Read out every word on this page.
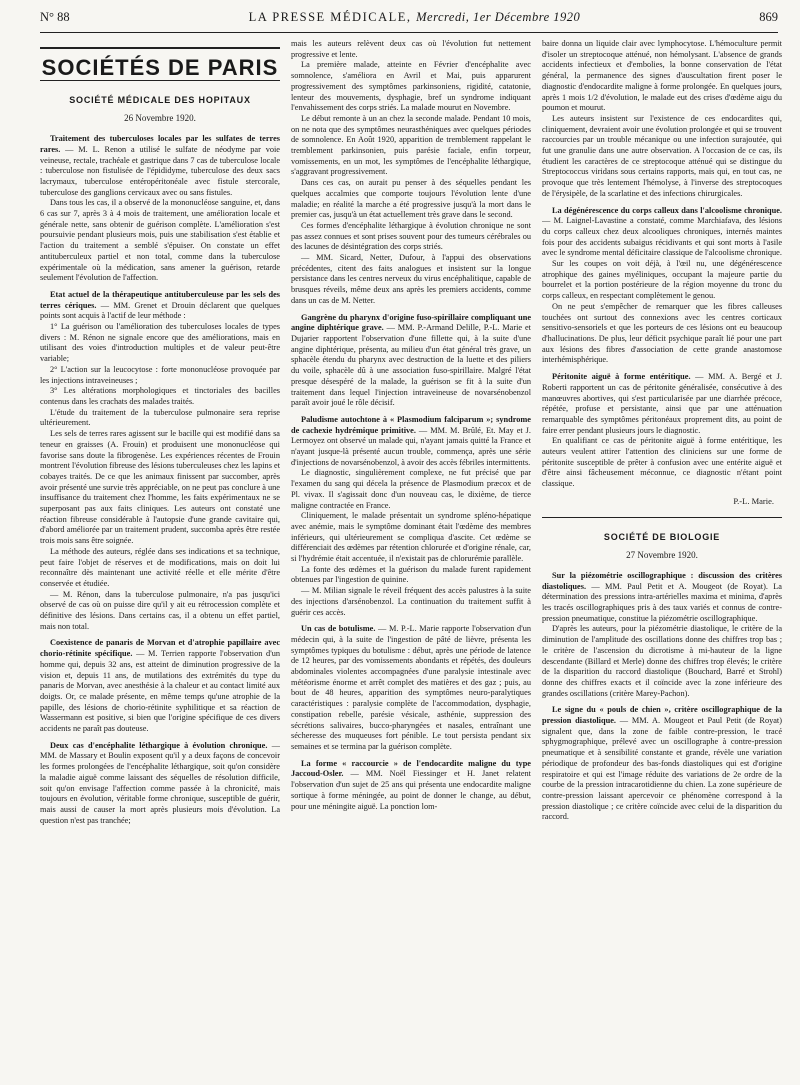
N° 88	LA PRESSE MÉDICALE, Mercredi, 1er Décembre 1920	869
SOCIÉTÉS DE PARIS
SOCIÉTÉ MÉDICALE DES HOPITAUX
26 Novembre 1920.

Traitement des tuberculoses locales par les sulfates de terres rares. — M. L. Renon a utilisé le sulfate de néodyme par voie veineuse, rectale, trachéale et gastrique dans 7 cas de tuberculose locale : tuberculose non fistulisée de l'épididyme, tuberculose des deux sacs lacrymaux, tuberculose entéropéritonéale avec fistule stercorale, tuberculose des ganglions cervicaux avec ou sans fistules.

Dans tous les cas, il a observé de la mononucléose sanguine, et, dans 6 cas sur 7, après 3 à 4 mois de traitement, une amélioration locale et générale nette, sans obtenir de guérison complète. L'amélioration s'est poursuivie pendant plusieurs mois, puis une stabilisation s'est établie et l'action du traitement a semblé s'épuiser. On constate un effet antituberculeux partiel et non total, comme dans la tuberculose expérimentale où la médication, sans amener la guérison, retarde seulement l'évolution de l'affection.

Etat actuel de la thérapeutique antituberculeuse par les sels des terres cériques. — MM. Grenet et Drouin déclarent que quelques points sont acquis à l'actif de leur méthode :

1° La guérison ou l'amélioration des tuberculoses locales de types divers : M. Rénon ne signale encore que des améliorations, mais en utilisant des voies d'introduction multiples et de valeur peut-être variable;

2° L'action sur la leucocytose : forte mononucléose provoquée par les injections intraveineuses ;

3° Les altérations morphologiques et tinctoriales des bacilles contenus dans les crachats des malades traités.

L'étude du traitement de la tuberculose pulmonaire sera reprise ultérieurement.

Les sels de terres rares agissent sur le bacille qui est modifié dans sa teneur en graisses (A. Frouin) et produisent une mononucléose qui favorise sans doute la fibrogenèse. Les expériences récentes de Frouin montrent l'évolution fibreuse des lésions tuberculeuses chez les lapins et cobayes traités. De ce que les animaux finissent par succomber, après avoir présenté une survie très appréciable, on ne peut pas conclure à une insuffisance du traitement chez l'homme, les faits expérimentaux ne se superposant pas aux faits cliniques. Les auteurs ont constaté une réaction fibreuse considérable à l'autopsie d'une grande cavitaire qui, d'abord améliorée par un traitement prudent, succomba après être restée trois mois sans être soignée.

La méthode des auteurs, réglée dans ses indications et sa technique, peut faire l'objet de réserves et de modifications, mais on doit lui reconnaître dès maintenant une activité réelle et elle mérite d'être conservée et étudiée.

— M. Rénon, dans la tuberculose pulmonaire, n'a pas jusqu'ici observé de cas où on puisse dire qu'il y ait eu rétrocession complète et définitive des lésions. Dans certains cas, il a obtenu un effet partiel, mais non total.

Coexistence de panaris de Morvan et d'atrophie papillaire avec chorio-rétinite spécifique. — M. Terrien rapporte l'observation d'un homme qui, depuis 32 ans, est atteint de diminution progressive de la vision et, depuis 11 ans, de mutilations des extrémités du type du panaris de Morvan, avec anesthésie à la chaleur et au contact limité aux doigts. Or, ce malade présente, en même temps qu'une atrophie de la papille, des lésions de chorio-rétinite syphilitique et sa réaction de Wassermann est positive, si bien que l'origine spécifique de ces divers accidents ne paraît pas douteuse.

Deux cas d'encéphalite léthargique à évolution chronique. — MM. de Massary et Boulin exposent qu'il y a deux façons de concevoir les formes prolongées de l'encéphalite léthargique, soit qu'on considère la maladie aiguë comme laissant des séquelles de résolution difficile, soit qu'on envisage l'affection comme passée à la chronicité, mais toujours en évolution, véritable forme chronique, susceptible de guérir, mais aussi de causer la mort après plusieurs mois d'évolution. La question n'est pas tranchée;

mais les auteurs relèvent deux cas où l'évolution fut nettement progressive et lente.

La première malade, atteinte en Février d'encéphalite avec somnolence, s'améliora en Avril et Mai, puis apparurent progressivement des symptômes parkinsoniens, rigidité, catatonie, lenteur des mouvements, dysphagie, bref un syndrome indiquant l'envahissement des corps striés. La malade mourut en Novembre.

Le début remonte à un an chez la seconde malade. Pendant 10 mois, on ne nota que des symptômes neurasthéniques avec quelques périodes de somnolence. En Août 1920, apparition de tremblement rappelant le tremblement parkinsonien, puis parésie faciale, enfin torpeur, vomissements, en un mot, les symptômes de l'encéphalite léthargique, s'aggravant progressivement.

Dans ces cas, on aurait pu penser à des séquelles pendant les quelques accalmies que comporte toujours l'évolution lente d'une maladie; en réalité la marche a été progressive jusqu'à la mort dans le premier cas, jusqu'à un état actuellement très grave dans le second.

Ces formes d'encéphalite léthargique à évolution chronique ne sont pas assez connues et sont prises souvent pour des tumeurs cérébrales ou des lacunes de désintégration des corps striés.

— MM. Sicard, Netter, Dufour, à l'appui des observations précédentes, citent des faits analogues et insistent sur la longue persistance dans les centres nerveux du virus encéphalitique, capable de brusques réveils, même deux ans après les premiers accidents, comme dans un cas de M. Netter.

Gangrène du pharynx d'origine fuso-spirillaire compliquant une angine diphtérique grave. — MM. P.-Armand Delille, P.-L. Marie et Dujarier rapportent l'observation d'une fillette qui, à la suite d'une angine diphtérique, présenta, au milieu d'un état général très grave, un sphacèle étendu du pharynx avec destruction de la luette et des piliers du voile, sphacèle dû à une association fuso-spirillaire. Malgré l'état presque désespéré de la malade, la guérison se fit à la suite d'un traitement dans lequel l'injection intraveineuse de novarsénobenzol paraît avoir joué le rôle décisif.

Paludisme autochtone à « Plasmodium falciparum »; syndrome de cachexie hydrémique primitive. — MM. M. Brûlé, Et. May et J. Lermoyez ont observé un malade qui, n'ayant jamais quitté la France et n'ayant jusque-là présenté aucun trouble, commença, après une série d'injections de novarsénobenzol, à avoir des accès fébriles intermittents.

Le diagnostic, singulièrement complexe, ne fut précisé que par l'examen du sang qui décela la présence de Plasmodium præcox et de Pl. vivax. Il s'agissait donc d'un nouveau cas, le dixième, de tierce maligne contractée en France.

Cliniquement, le malade présentait un syndrome spléno-hépatique avec anémie, mais le symptôme dominant était l'œdème des membres inférieurs, qui ultérieurement se compliqua d'ascite. Cet œdème se différenciait des œdèmes par rétention chlorurée et d'origine rénale, car, si l'hydrémie était accentuée, il n'existait pas de chlorurémie parallèle.

La fonte des œdèmes et la guérison du malade furent rapidement obtenues par l'ingestion de quinine.

— M. Milian signale le réveil fréquent des accès palustres à la suite des injections d'arsénobenzol. La continuation du traitement suffit à guérir ces accès.

Un cas de botulisme. — M. P.-L. Marie rapporte l'observation d'un médecin qui, à la suite de l'ingestion de pâté de lièvre, présenta les symptômes typiques du botulisme : début, après une période de latence de 12 heures, par des vomissements abondants et répétés, des douleurs abdominales violentes accompagnées d'une paralysie intestinale avec météorisme énorme et arrêt complet des matières et des gaz ; puis, au bout de 48 heures, apparition des symptômes neuro-paralytiques caractéristiques : paralysie complète de l'accommodation, dysphagie, constipation rebelle, parésie vésicale, asthénie, suppression des sécrétions salivaires, bucco-pharyngées et nasales, entraînant une sécheresse des muqueuses fort pénible. Le tout persista pendant six semaines et se termina par la guérison complète.

La forme « raccourcie » de l'endocardite maligne du type Jaccoud-Osler. — MM. Noël Fiessinger et H. Janet relatent l'observation d'un sujet de 25 ans qui présenta une endocardite maligne sortique à forme méningée, au point de donner le change, au début, pour une méningite aiguë. La ponction lom-

baire donna un liquide clair avec lymphocytose. L'hémoculture permit d'isoler un streptocoque atténué, non hémolysant. L'absence de grands accidents infectieux et d'embolies, la bonne conservation de l'état général, la permanence des signes d'auscultation firent poser le diagnostic d'endocardite maligne à forme prolongée. En quelques jours, après 1 mois 1/2 d'évolution, le malade eut des crises d'œdème aigu du poumon et mourut.

Les auteurs insistent sur l'existence de ces endocardites qui, cliniquement, devraient avoir une évolution prolongée et qui se trouvent raccourcies par un trouble mécanique ou une infection surajoutée, qui fut une granulie dans une autre observation. A l'occasion de ce cas, ils étudient les caractères de ce streptocoque atténué qui se distingue du Streptococcus viridans sous certains rapports, mais qui, en tout cas, ne provoque que très lentement l'hémolyse, à l'inverse des streptocoques de l'érysipèle, de la scarlatine et des infections chirurgicales.

La dégénérescence du corps calleux dans l'alcoolisme chronique. — M. Laignel-Lavastine a constaté, comme Marchiafava, des lésions du corps calleux chez deux alcooliques chroniques, internés maintes fois pour des accidents subaigus récidivants et qui sont morts à l'asile avec le syndrome mental déficitaire classique de l'alcoolisme chronique.

Sur les coupes on voit déjà, à l'œil nu, une dégénérescence atrophique des gaines myéliniques, occupant la majeure partie du bourrelet et la portion postérieure de la région moyenne du tronc du corps calleux, en respectant complètement le genou.

On ne peut s'empêcher de remarquer que les fibres calleuses touchées ont surtout des connexions avec les centres corticaux sensitivo-sensoriels et que les porteurs de ces lésions ont eu beaucoup d'hallucinations. De plus, leur déficit psychique paraît lié pour une part aux lésions des fibres d'association de cette grande anastomose interhémisphérique.

Péritonite aiguë à forme entéritique. — MM. A. Bergé et J. Roberti rapportent un cas de péritonite généralisée, consécutive à des manœuvres abortives, qui s'est particularisée par une diarrhée précoce, répétée, profuse et persistante, ainsi que par une atténuation remarquable des symptômes péritonéaux proprement dits, au point de faire errer pendant plusieurs jours le diagnostic.

En qualifiant ce cas de péritonite aiguë à forme entéritique, les auteurs veulent attirer l'attention des cliniciens sur une forme de péritonite susceptible de prêter à confusion avec une entérite aiguë et d'être ainsi fâcheusement méconnue, ce diagnostic n'étant point classique.

P.-L. Marie.
SOCIÉTÉ DE BIOLOGIE
27 Novembre 1920.

Sur la piézométrie oscillographique : discussion des critères diastoliques. — MM. Paul Petit et A. Mougeot (de Royat). La détermination des pressions intra-artérielles maxima et minima, d'après les tracés oscillographiques pris à des taux variés et connus de contre-pression pneumatique, constitue la piézométrie oscillographique.

D'après les auteurs, pour la piézométrie diastolique, le critère de la diminution de l'amplitude des oscillations donne des chiffres trop bas ; le critère de l'ascension du dicrotisme à mi-hauteur de la ligne descendante (Billard et Merle) donne des chiffres trop élevés; le critère de la disparition du raccord diastolique (Bouchard, Barré et Strohl) donne des chiffres exacts et il coïncide avec la zone inférieure des grandes oscillations (critère Marey-Pachon).

Le signe du « pouls de chien », critère oscillographique de la pression diastolique. — MM. A. Mougeot et Paul Petit (de Royat) signalent que, dans la zone de faible contre-pression, le tracé sphygmographique, prélevé avec un oscillographe à contre-pression pneumatique et à sensibilité constante et grande, révèle une variation périodique de profondeur des bas-fonds diastoliques qui est d'origine respiratoire et qui est l'image réduite des variations de 2e ordre de la courbe de la pression intracarotidienne du chien. La zone supérieure de contre-pression laissant apercevoir ce phénomène correspond à la pression diastolique ; ce critère coïncide avec celui de la disparition du raccord.
